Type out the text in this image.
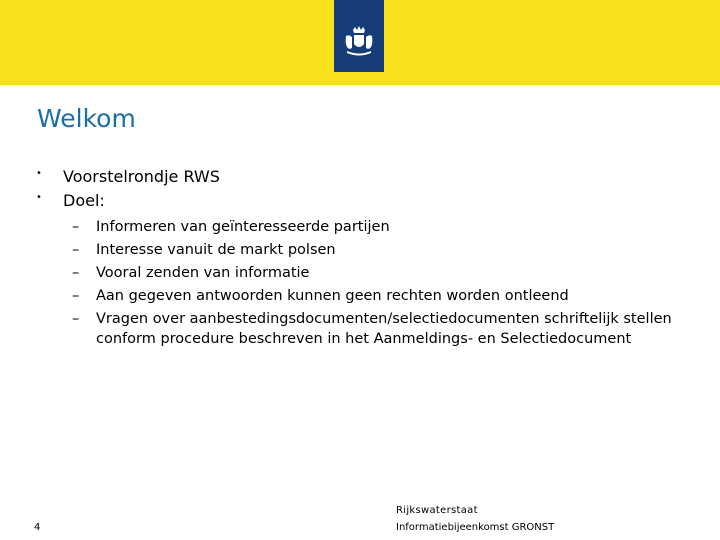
Welkom
• Voorstelrondje RWS
• Doel:
– Informeren van geïnteresseerde partijen
– Interesse vanuit de markt polsen
– Vooral zenden van informatie
– Aan gegeven antwoorden kunnen geen rechten worden ontleend
– Vragen over aanbestedingsdocumenten/selectiedocumenten schriftelijk stellen conform procedure beschreven in het Aanmeldings- en Selectiedocument
4
Rijkswaterstaat
Informatiebijeenkomst GRONST
